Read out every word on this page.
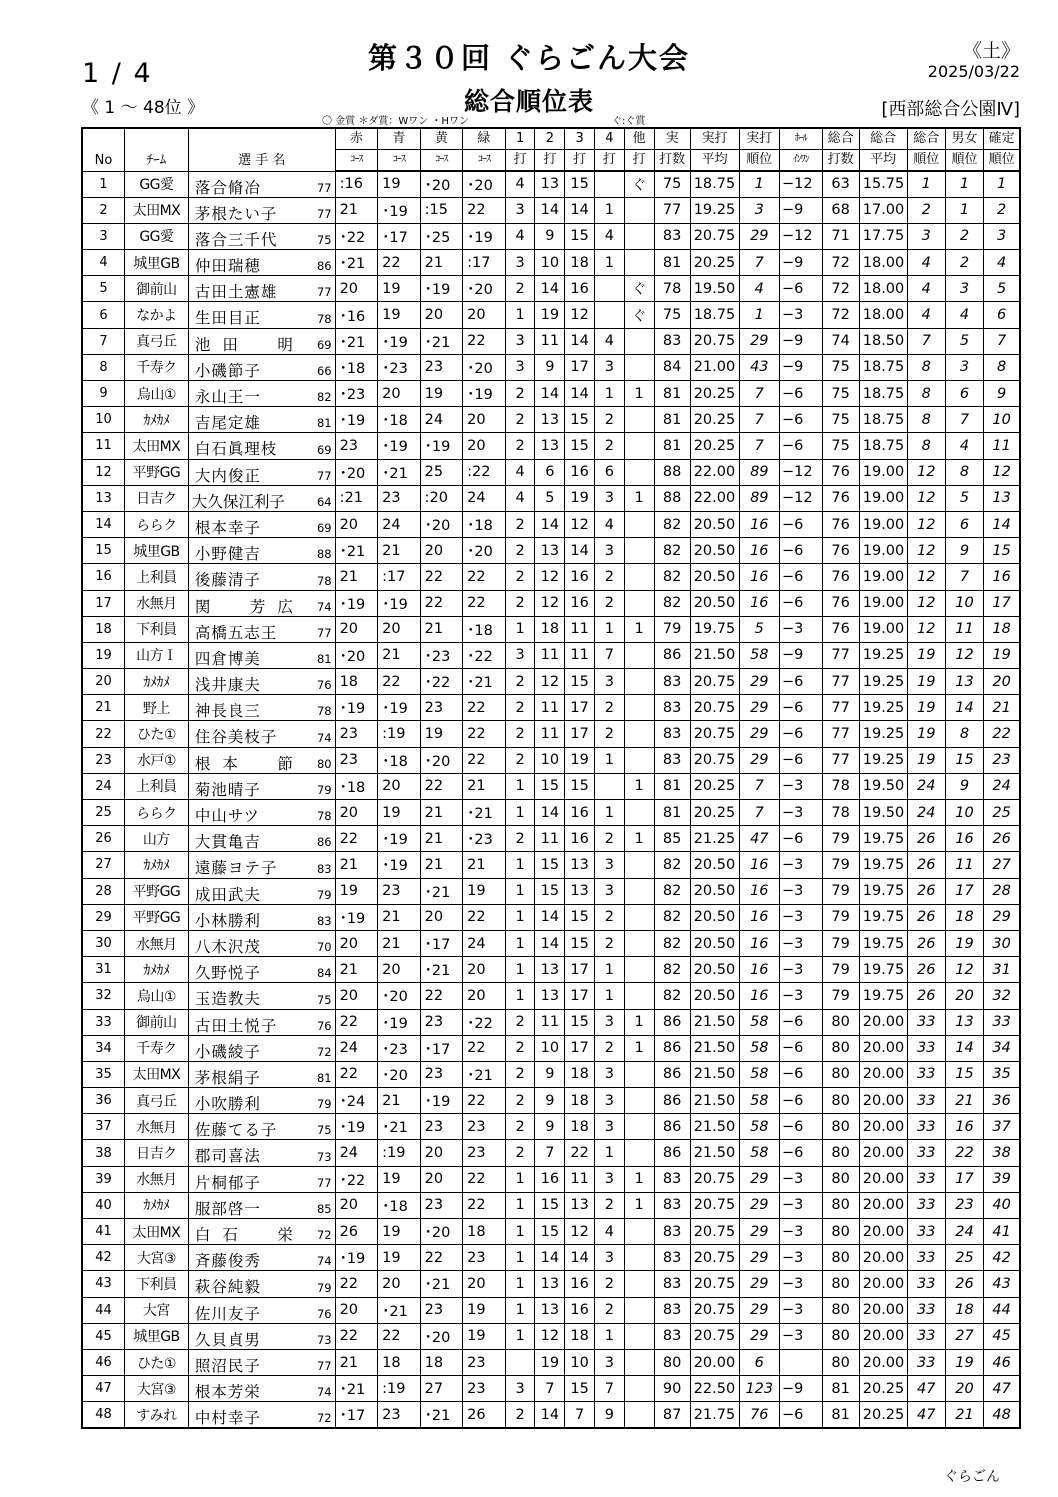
1 / 4
《 1 ～ 48位 》
第３０回 ぐらごん大会
総合順位表
《土》
2025/03/22
[西部総合公園Ⅳ]
〇 金賞 ＊ダ賞：Wワン ・Hワン	ぐ:ぐ賞
No	ﾁｰﾑ	選 手 名	赤	青	黄	緑	1	2	3	4	他	実	実打	実打	ﾎｰﾙ	総合	総合	総合	男女	確定
			ｺｰｽ	ｺｰｽ	ｺｰｽ	ｺｰｽ	打	打	打	打	打	打数	平均	順位	ｲﾝﾜﾝ	打数	平均	順位	順位	順位
1	GG愛	落合脩冶 77	:16	19	･20	･20	4	13	15		ぐ	75	18.75	1	−12	63	15.75	1	1	1
2	太田MX	茅根たい子 77	21	･19	:15	22	3	14	14	1		77	19.25	3	−9	68	17.00	2	1	2
3	GG愛	落合三千代 75	･22	･17	･25	･19	4	9	15	4		83	20.75	29	−12	71	17.75	3	2	3
4	城里GB	仲田瑞穂 86	･21	22	21	:17	3	10	18	1		81	20.25	7	−9	72	18.00	4	2	4
5	御前山	古田土憲雄 77	20	19	･19	･20	2	14	16		ぐ	78	19.50	4	−6	72	18.00	4	3	5
6	なかよ	生田目正 78	･16	19	20	20	1	19	12		ぐ	75	18.75	1	−3	72	18.00	4	4	6
7	真弓丘	池田　明 69	･21	･19	･21	22	3	11	14	4		83	20.75	29	−9	74	18.50	7	5	7
8	千寿ク	小磯節子 66	･18	･23	23	･20	3	9	17	3		84	21.00	43	−9	75	18.75	8	3	8
9	烏山①	永山王一 82	･23	20	19	･19	2	14	14	1	1	81	20.25	7	−6	75	18.75	8	6	9
10	ｶﾒｶﾒ	吉尾定雄 81	･19	･18	24	20	2	13	15	2		81	20.25	7	−6	75	18.75	8	7	10
11	太田MX	白石眞理枝 69	23	･19	･19	20	2	13	15	2		81	20.25	7	−6	75	18.75	8	4	11
12	平野GG	大内俊正 77	･20	･21	25	:22	4	6	16	6		88	22.00	89	−12	76	19.00	12	8	12
13	日吉ク	大久保江利子 64	:21	23	:20	24	4	5	19	3	1	88	22.00	89	−12	76	19.00	12	5	13
14	ららク	根本幸子 69	20	24	･20	･18	2	14	12	4		82	20.50	16	−6	76	19.00	12	6	14
15	城里GB	小野健吉 88	･21	21	20	･20	2	13	14	3		82	20.50	16	−6	76	19.00	12	9	15
16	上利員	後藤清子 78	21	:17	22	22	2	12	16	2		82	20.50	16	−6	76	19.00	12	7	16
17	水無月	関　芳広 74	･19	･19	22	22	2	12	16	2		82	20.50	16	−6	76	19.00	12	10	17
18	下利員	高橋五志王 77	20	20	21	･18	1	18	11	1	1	79	19.75	5	−3	76	19.00	12	11	18
19	山方Ｉ	四倉博美 81	･20	21	･23	･22	3	11	11	7		86	21.50	58	−9	77	19.25	19	12	19
20	ｶﾒｶﾒ	浅井康夫 76	18	22	･22	･21	2	12	15	3		83	20.75	29	−6	77	19.25	19	13	20
21	野上	神長良三 78	･19	･19	23	22	2	11	17	2		83	20.75	29	−6	77	19.25	19	14	21
22	ひた①	住谷美枝子 74	23	:19	19	22	2	11	17	2		83	20.75	29	−6	77	19.25	19	8	22
23	水戸①	根本　節 80	23	･18	･20	22	2	10	19	1		83	20.75	29	−6	77	19.25	19	15	23
24	上利員	菊池晴子 79	･18	20	22	21	1	15	15		1	81	20.25	7	−3	78	19.50	24	9	24
25	ららク	中山サツ 78	20	19	21	･21	1	14	16	1		81	20.25	7	−3	78	19.50	24	10	25
26	山方	大貫亀吉 86	22	･19	21	･23	2	11	16	2	1	85	21.25	47	−6	79	19.75	26	16	26
27	ｶﾒｶﾒ	遠藤ヨテ子 83	21	･19	21	21	1	15	13	3		82	20.50	16	−3	79	19.75	26	11	27
28	平野GG	成田武夫 79	19	23	･21	19	1	15	13	3		82	20.50	16	−3	79	19.75	26	17	28
29	平野GG	小林勝利 83	･19	21	20	22	1	14	15	2		82	20.50	16	−3	79	19.75	26	18	29
30	水無月	八木沢茂 70	20	21	･17	24	1	14	15	2		82	20.50	16	−3	79	19.75	26	19	30
31	ｶﾒｶﾒ	久野悦子 84	21	20	･21	20	1	13	17	1		82	20.50	16	−3	79	19.75	26	12	31
32	烏山①	玉造教夫 75	20	･20	22	20	1	13	17	1		82	20.50	16	−3	79	19.75	26	20	32
33	御前山	古田土悦子 76	22	･19	23	･22	2	11	15	3	1	86	21.50	58	−6	80	20.00	33	13	33
34	千寿ク	小磯綾子 72	24	･23	･17	22	2	10	17	2	1	86	21.50	58	−6	80	20.00	33	14	34
35	太田MX	茅根絹子 81	22	･20	23	･21	2	9	18	3		86	21.50	58	−6	80	20.00	33	15	35
36	真弓丘	小吹勝利 79	･24	21	･19	22	2	9	18	3		86	21.50	58	−6	80	20.00	33	21	36
37	水無月	佐藤てる子 75	･19	･21	23	23	2	9	18	3		86	21.50	58	−6	80	20.00	33	16	37
38	日吉ク	郡司喜法 73	24	:19	20	23	2	7	22	1		86	21.50	58	−6	80	20.00	33	22	38
39	水無月	片桐郁子 77	･22	19	20	22	1	16	11	3	1	83	20.75	29	−3	80	20.00	33	17	39
40	ｶﾒｶﾒ	服部啓一 85	20	･18	23	22	1	15	13	2	1	83	20.75	29	−3	80	20.00	33	23	40
41	太田MX	白石　栄 72	26	19	･20	18	1	15	12	4		83	20.75	29	−3	80	20.00	33	24	41
42	大宮③	斉藤俊秀 74	･19	19	22	23	1	14	14	3		83	20.75	29	−3	80	20.00	33	25	42
43	下利員	萩谷純毅 79	22	20	･21	20	1	13	16	2		83	20.75	29	−3	80	20.00	33	26	43
44	大宮	佐川友子 76	20	･21	23	19	1	13	16	2		83	20.75	29	−3	80	20.00	33	18	44
45	城里GB	久貝貞男 73	22	22	･20	19	1	12	18	1		83	20.75	29	−3	80	20.00	33	27	45
46	ひた①	照沼民子 77	21	18	18	23		19	10	3		80	20.00	6		80	20.00	33	19	46
47	大宮③	根本芳栄 74	･21	:19	27	23	3	7	15	7		90	22.50	123	−9	81	20.25	47	20	47
48	すみれ	中村幸子 72	･17	23	･21	26	2	14	7	9		87	21.75	76	−6	81	20.25	47	21	48
ぐらごん
